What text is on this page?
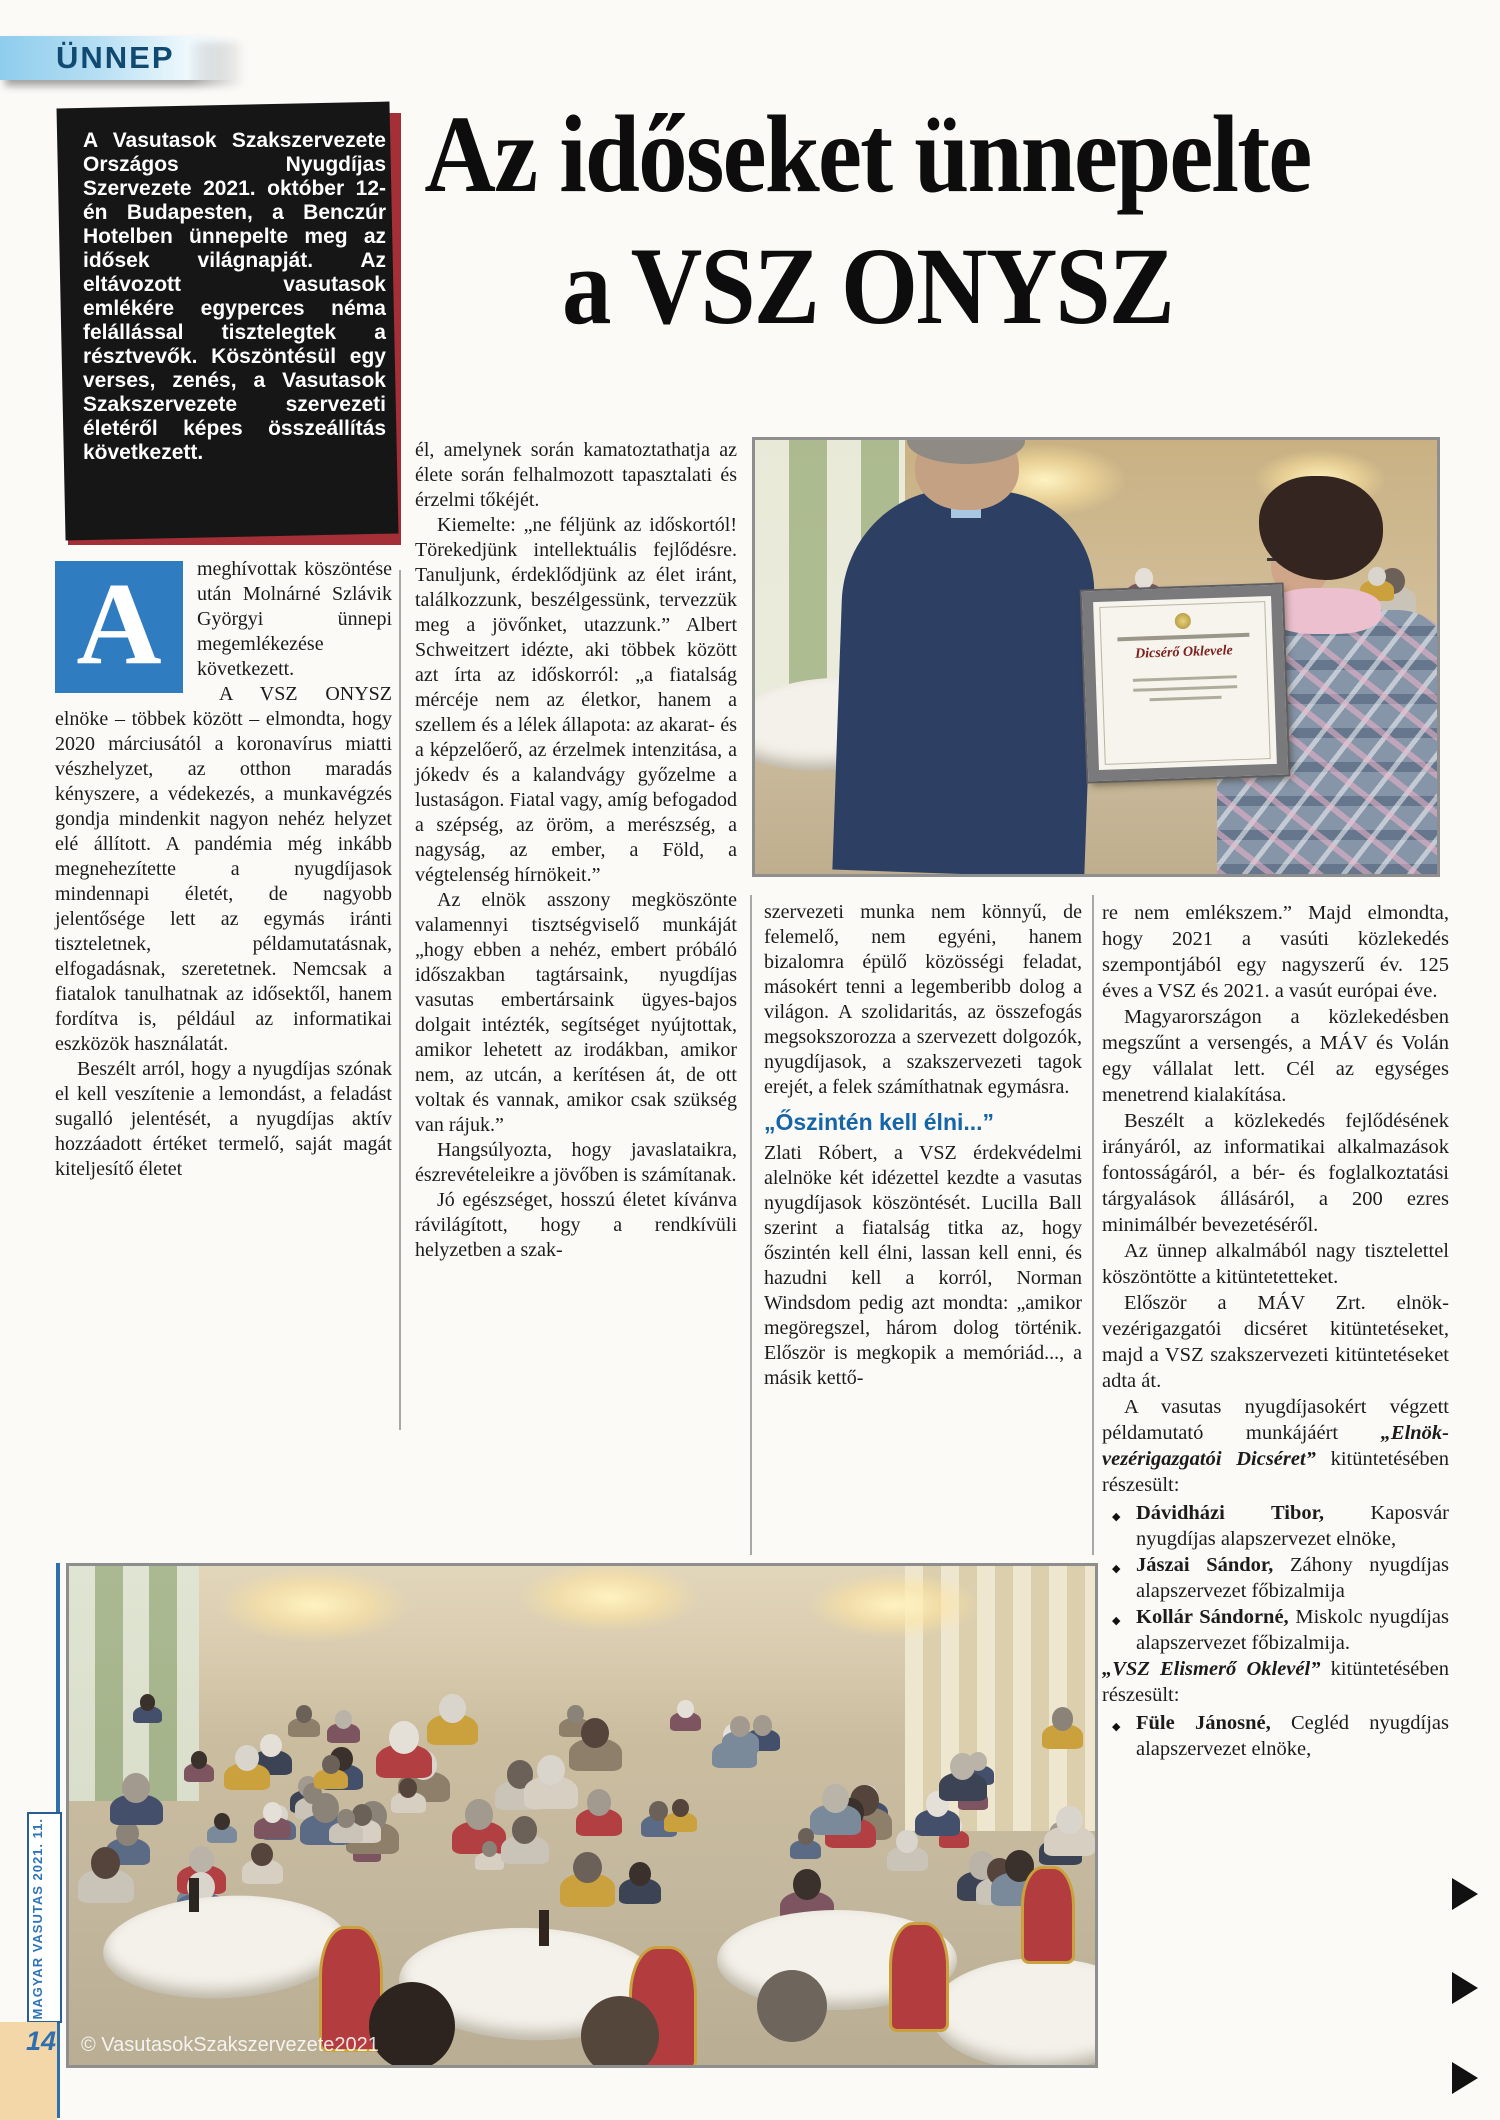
ÜNNEP
Az időseket ünnepelte
a VSZ ONYSZ

A Vasutasok Szakszervezete Országos Nyugdíjas Szervezete 2021. október 12-én Budapesten, a Benczúr Hotelben ünnepelte meg az idősek világnapját. Az eltávozott vasutasok emlékére egyperces néma felállással tisztelegtek a résztvevők. Köszöntésül egy verses, zenés, a Vasutasok Szakszervezete szervezeti életéről képes összeállítás következett.

A	meghívottak köszöntése után Molnárné Szlávik Györgyi ünnepi megemlékezése következett.

A VSZ ONYSZ elnöke – többek között – elmondta, hogy 2020 márciusától a koronavírus miatti vészhelyzet, az otthon maradás kényszere, a védekezés, a munkavégzés gondja mindenkit nagyon nehéz helyzet elé állított. A pandémia még inkább megnehezítette a nyugdíjasok mindennapi életét, de nagyobb jelentősége lett az egymás iránti tiszteletnek, példamutatásnak, elfogadásnak, szeretetnek. Nemcsak a fiatalok tanulhatnak az idősektől, hanem fordítva is, például az informatikai eszközök használatát.

Beszélt arról, hogy a nyugdíjas szónak el kell veszítenie a lemondást, a feladást sugalló jelentését, a nyugdíjas aktív hozzáadott értéket termelő, saját magát kiteljesítő életet

él, amelynek során kamatoztathatja az élete során felhalmozott tapasztalati és érzelmi tőkéjét.

Kiemelte: „ne féljünk az időskortól! Törekedjünk intellektuális fejlődésre. Tanuljunk, érdeklődjünk az élet iránt, találkozzunk, beszélgessünk, tervezzük meg a jövőnket, utazzunk.” Albert Schweitzert idézte, aki többek között azt írta az időskorról: „a fiatalság mércéje nem az életkor, hanem a szellem és a lélek állapota: az akarat- és a képzelőerő, az érzelmek intenzitása, a jókedv és a kalandvágy győzelme a lustaságon. Fiatal vagy, amíg befogadod a szépség, az öröm, a merészség, a nagyság, az ember, a Föld, a végtelenség hírnökeit.”

Az elnök asszony megköszönte valamennyi tisztségviselő munkáját „hogy ebben a nehéz, embert próbáló időszakban tagtársaink, nyugdíjas vasutas embertársaink ügyes-bajos dolgait intézték, segítséget nyújtottak, amikor lehetett az irodákban, amikor nem, az utcán, a kerítésen át, de ott voltak és vannak, amikor csak szükség van rájuk.”

Hangsúlyozta, hogy javaslataikra, észrevételeikre a jövőben is számítanak.

Jó egészséget, hosszú életet kívánva rávilágított, hogy a rendkívüli helyzetben a szak-

Dicsérő Oklevele

szervezeti munka nem könnyű, de felemelő, nem egyéni, hanem bizalomra épülő közösségi feladat, másokért tenni a legemberibb dolog a világon. A szolidaritás, az összefogás megsokszorozza a szervezett dolgozók, nyugdíjasok, a szakszervezeti tagok erejét, a felek számíthatnak egymásra.

„Őszintén kell élni...”

Zlati Róbert, a VSZ érdekvédelmi alelnöke két idézettel kezdte a vasutas nyugdíjasok köszöntését. Lucilla Ball szerint a fiatalság titka az, hogy őszintén kell élni, lassan kell enni, és hazudni kell a korról, Norman Windsdom pedig azt mondta: „amikor megöregszel, három dolog történik. Először is megkopik a memóriád..., a másik kettő-

re nem emlékszem.” Majd elmondta, hogy 2021 a vasúti közlekedés szempontjából egy nagyszerű év. 125 éves a VSZ és 2021. a vasút európai éve.

Magyarországon a közlekedésben megszűnt a versengés, a MÁV és Volán egy vállalat lett. Cél az egységes menetrend kialakítása.

Beszélt a közlekedés fejlődésének irányáról, az informatikai alkalmazások fontosságáról, a bér- és foglalkoztatási tárgyalások állásáról, a 200 ezres minimálbér bevezetéséről.

Az ünnep alkalmából nagy tisztelettel köszöntötte a kitüntetetteket.

Először a MÁV Zrt. elnök-vezérigazgatói dicséret kitüntetéseket, majd a VSZ szakszervezeti kitüntetéseket adta át.

A vasutas nyugdíjasokért végzett példamutató munkájáért „Elnök-vezérigazgatói Dicséret” kitüntetésében részesült:

◆ Dávidházi Tibor, Kaposvár nyugdíjas alapszervezet elnöke,
◆ Jászai Sándor, Záhony nyugdíjas alapszervezet főbizalmija
◆ Kollár Sándorné, Miskolc nyugdíjas alapszervezet főbizalmija.

„VSZ Elismerő Oklevél” kitüntetésében részesült:

◆ Füle Jánosné, Cegléd nyugdíjas alapszervezet elnöke,
© VasutasokSzakszervezete2021
MAGYAR VASUTAS 2021. 11.
14
